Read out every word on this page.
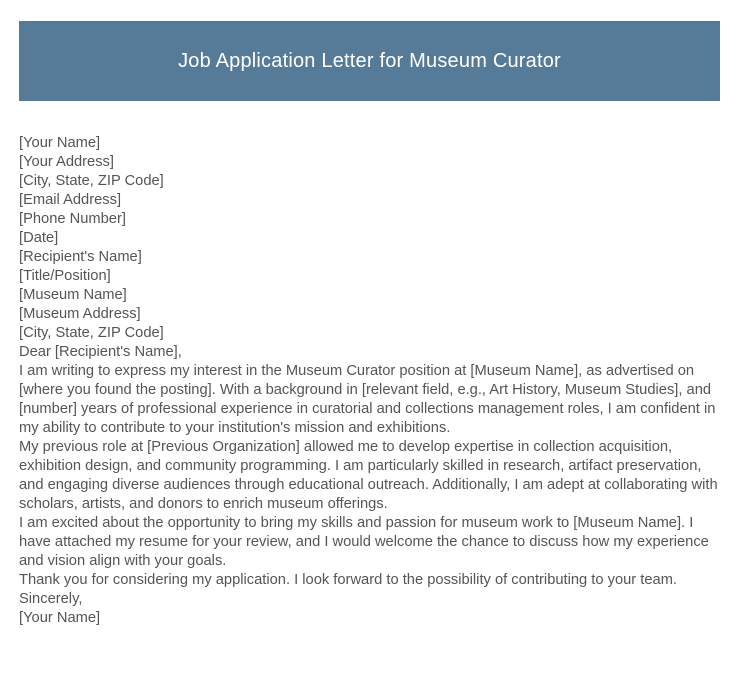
Job Application Letter for Museum Curator
[Your Name]
[Your Address]
[City, State, ZIP Code]
[Email Address]
[Phone Number]
[Date]
[Recipient's Name]
[Title/Position]
[Museum Name]
[Museum Address]
[City, State, ZIP Code]
Dear [Recipient's Name],
I am writing to express my interest in the Museum Curator position at [Museum Name], as advertised on [where you found the posting]. With a background in [relevant field, e.g., Art History, Museum Studies], and [number] years of professional experience in curatorial and collections management roles, I am confident in my ability to contribute to your institution's mission and exhibitions.
My previous role at [Previous Organization] allowed me to develop expertise in collection acquisition, exhibition design, and community programming. I am particularly skilled in research, artifact preservation, and engaging diverse audiences through educational outreach. Additionally, I am adept at collaborating with scholars, artists, and donors to enrich museum offerings.
I am excited about the opportunity to bring my skills and passion for museum work to [Museum Name]. I have attached my resume for your review, and I would welcome the chance to discuss how my experience and vision align with your goals.
Thank you for considering my application. I look forward to the possibility of contributing to your team.
Sincerely,
[Your Name]
